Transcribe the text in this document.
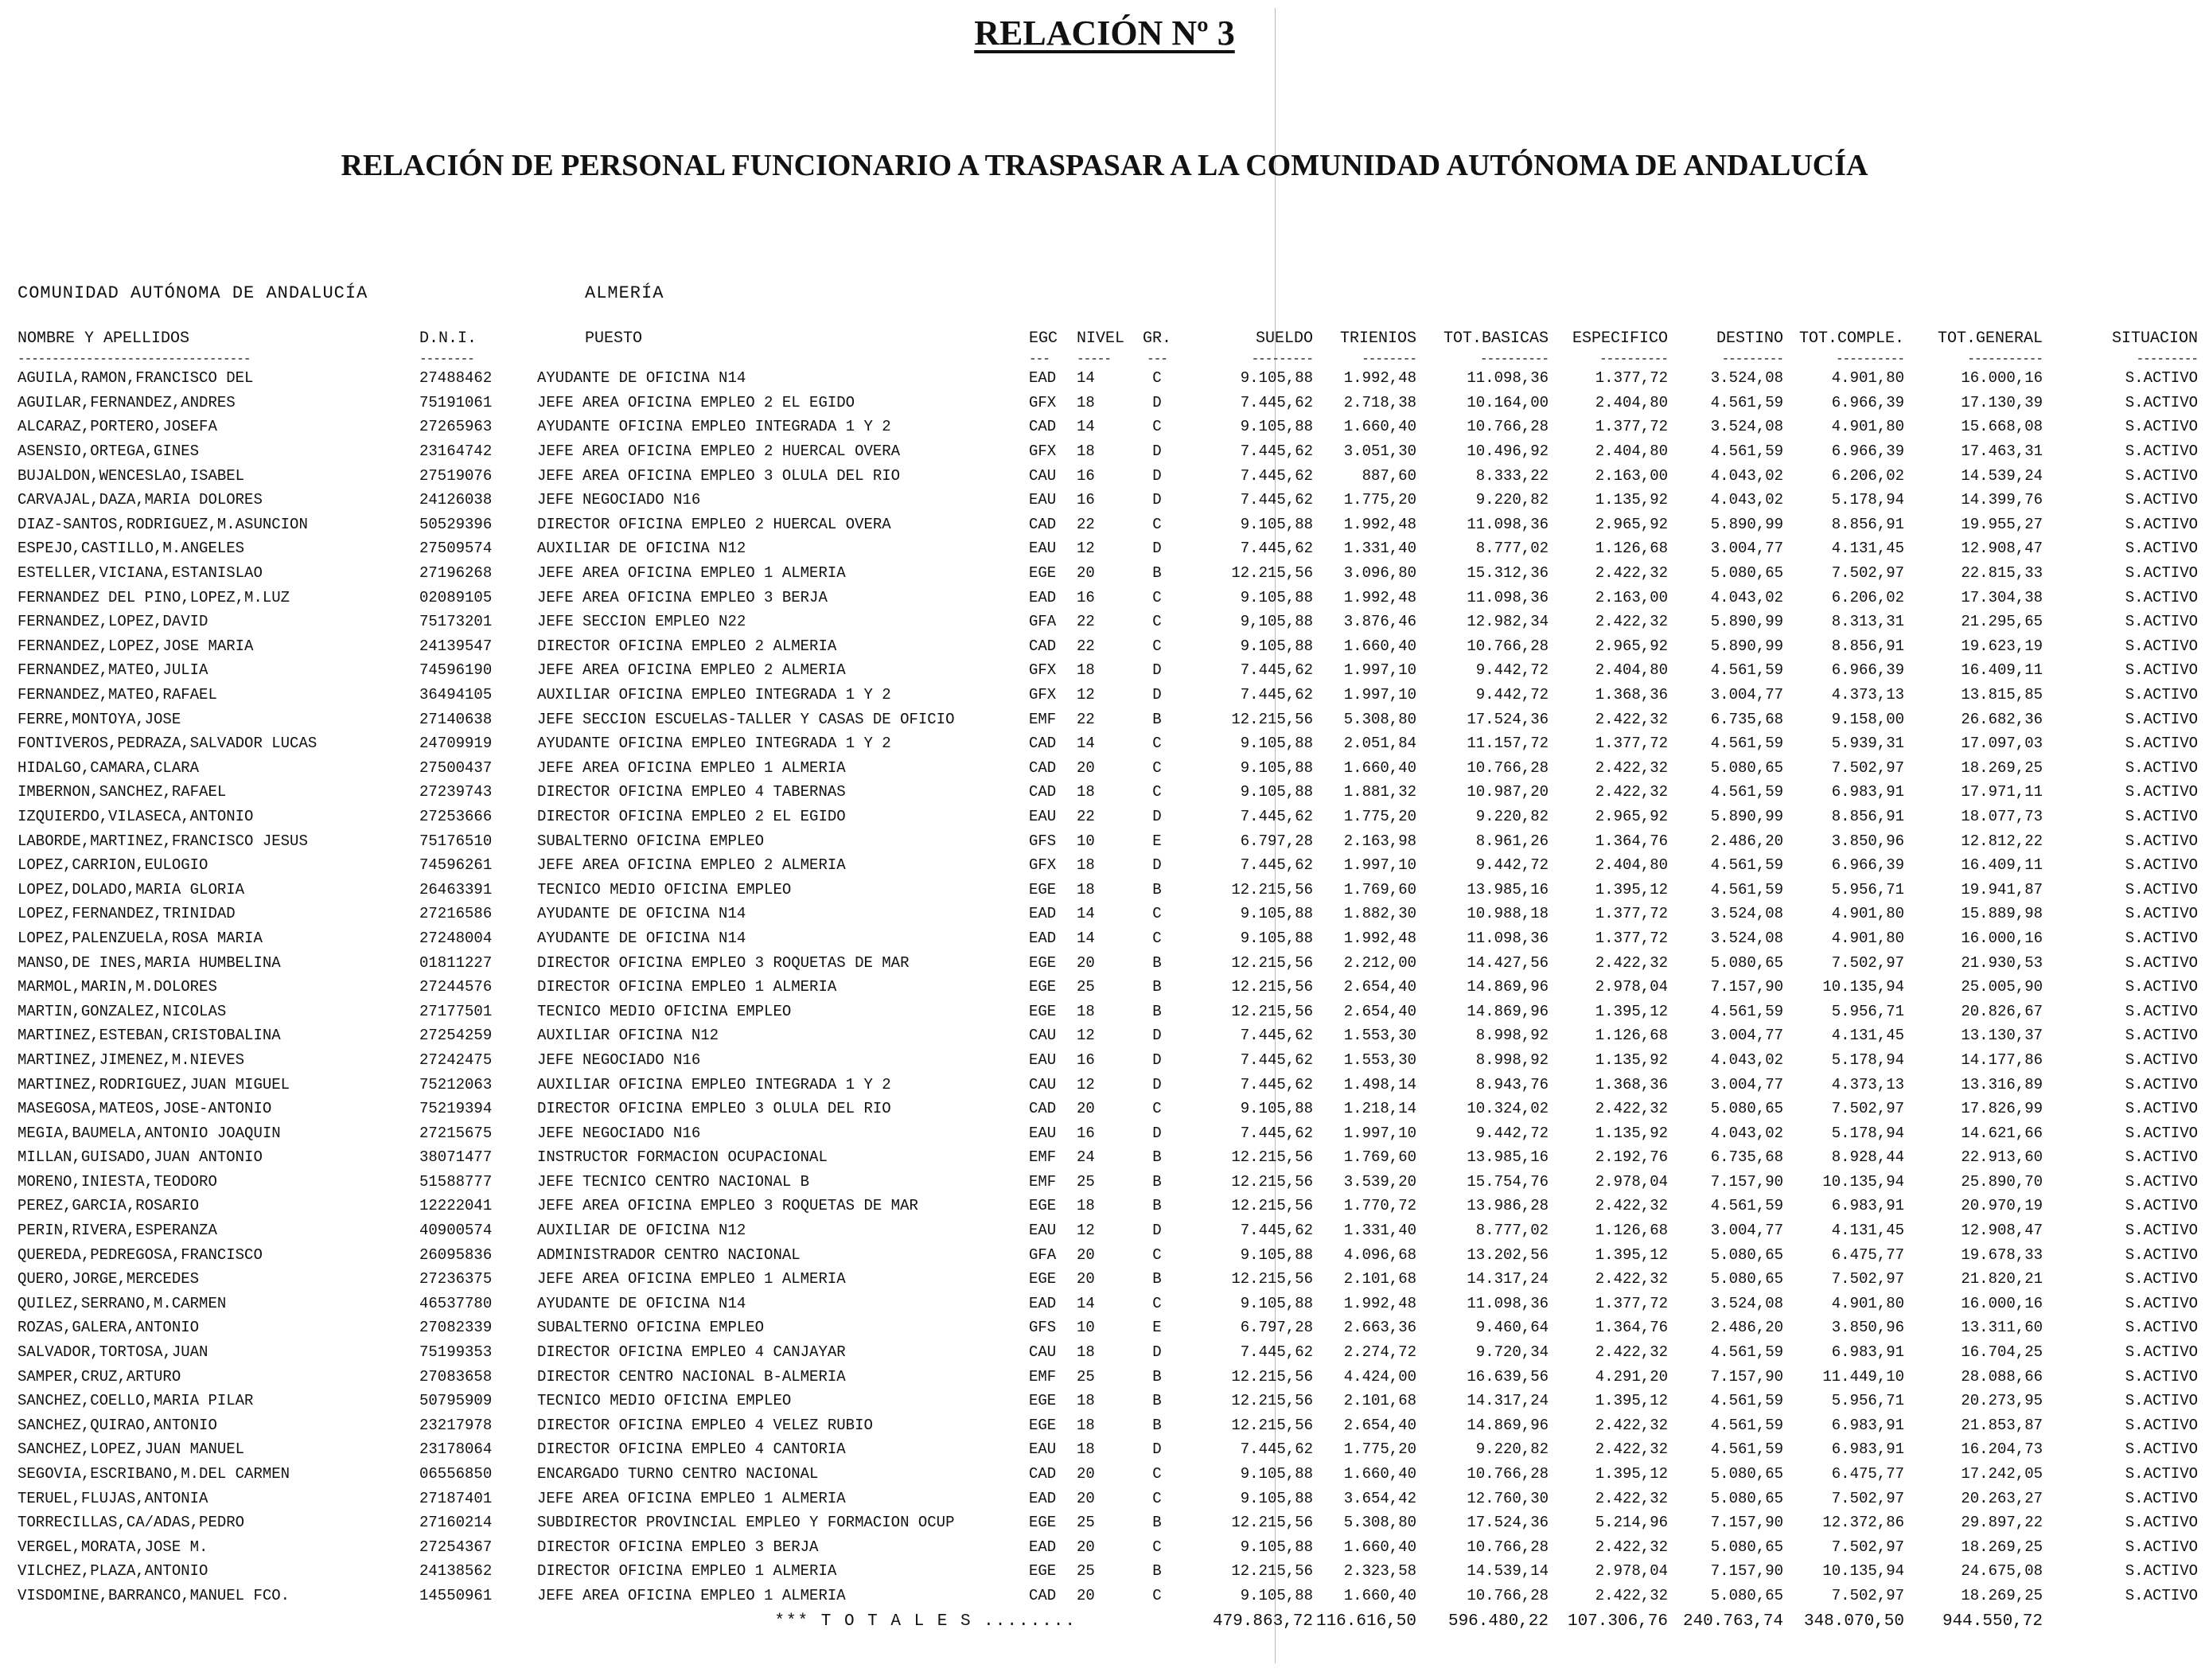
RELACIÓN Nº 3
RELACIÓN DE PERSONAL FUNCIONARIO A TRASPASAR A LA COMUNIDAD AUTÓNOMA DE ANDALUCÍA
COMUNIDAD AUTÓNOMA DE ANDALUCÍA	ALMERÍA
NOMBRE Y APELLIDOS	D.N.I.	PUESTO	EGC	NIVEL	GR.	SUELDO	TRIENIOS	TOT.BASICAS	ESPECIFICO	DESTINO	TOT.COMPLE.	TOT.GENERAL	SITUACION
----------------------------------	--------		---	-----	---	---------	--------	----------	----------	---------	----------	-----------	---------
AGUILA,RAMON,FRANCISCO DEL	27488462	AYUDANTE DE OFICINA N14	EAD	14	C	9.105,88	1.992,48	11.098,36	1.377,72	3.524,08	4.901,80	16.000,16	S.ACTIVO
AGUILAR,FERNANDEZ,ANDRES	75191061	JEFE AREA OFICINA EMPLEO 2 EL EGIDO	GFX	18	D	7.445,62	2.718,38	10.164,00	2.404,80	4.561,59	6.966,39	17.130,39	S.ACTIVO
ALCARAZ,PORTERO,JOSEFA	27265963	AYUDANTE OFICINA EMPLEO INTEGRADA 1 Y 2	CAD	14	C	9.105,88	1.660,40	10.766,28	1.377,72	3.524,08	4.901,80	15.668,08	S.ACTIVO
ASENSIO,ORTEGA,GINES	23164742	JEFE AREA OFICINA EMPLEO 2 HUERCAL OVERA	GFX	18	D	7.445,62	3.051,30	10.496,92	2.404,80	4.561,59	6.966,39	17.463,31	S.ACTIVO
BUJALDON,WENCESLAO,ISABEL	27519076	JEFE AREA OFICINA EMPLEO 3 OLULA DEL RIO	CAU	16	D	7.445,62	887,60	8.333,22	2.163,00	4.043,02	6.206,02	14.539,24	S.ACTIVO
CARVAJAL,DAZA,MARIA DOLORES	24126038	JEFE NEGOCIADO N16	EAU	16	D	7.445,62	1.775,20	9.220,82	1.135,92	4.043,02	5.178,94	14.399,76	S.ACTIVO
DIAZ-SANTOS,RODRIGUEZ,M.ASUNCION	50529396	DIRECTOR OFICINA EMPLEO 2 HUERCAL OVERA	CAD	22	C	9.105,88	1.992,48	11.098,36	2.965,92	5.890,99	8.856,91	19.955,27	S.ACTIVO
ESPEJO,CASTILLO,M.ANGELES	27509574	AUXILIAR DE OFICINA N12	EAU	12	D	7.445,62	1.331,40	8.777,02	1.126,68	3.004,77	4.131,45	12.908,47	S.ACTIVO
ESTELLER,VICIANA,ESTANISLAO	27196268	JEFE AREA OFICINA EMPLEO 1 ALMERIA	EGE	20	B	12.215,56	3.096,80	15.312,36	2.422,32	5.080,65	7.502,97	22.815,33	S.ACTIVO
FERNANDEZ DEL PINO,LOPEZ,M.LUZ	02089105	JEFE AREA OFICINA EMPLEO 3 BERJA	EAD	16	C	9.105,88	1.992,48	11.098,36	2.163,00	4.043,02	6.206,02	17.304,38	S.ACTIVO
FERNANDEZ,LOPEZ,DAVID	75173201	JEFE SECCION EMPLEO N22	GFA	22	C	9,105,88	3.876,46	12.982,34	2.422,32	5.890,99	8.313,31	21.295,65	S.ACTIVO
FERNANDEZ,LOPEZ,JOSE MARIA	24139547	DIRECTOR OFICINA EMPLEO 2 ALMERIA	CAD	22	C	9.105,88	1.660,40	10.766,28	2.965,92	5.890,99	8.856,91	19.623,19	S.ACTIVO
FERNANDEZ,MATEO,JULIA	74596190	JEFE AREA OFICINA EMPLEO 2 ALMERIA	GFX	18	D	7.445,62	1.997,10	9.442,72	2.404,80	4.561,59	6.966,39	16.409,11	S.ACTIVO
FERNANDEZ,MATEO,RAFAEL	36494105	AUXILIAR OFICINA EMPLEO INTEGRADA 1 Y 2	GFX	12	D	7.445,62	1.997,10	9.442,72	1.368,36	3.004,77	4.373,13	13.815,85	S.ACTIVO
FERRE,MONTOYA,JOSE	27140638	JEFE SECCION ESCUELAS-TALLER Y CASAS DE OFICIO	EMF	22	B	12.215,56	5.308,80	17.524,36	2.422,32	6.735,68	9.158,00	26.682,36	S.ACTIVO
FONTIVEROS,PEDRAZA,SALVADOR LUCAS	24709919	AYUDANTE OFICINA EMPLEO INTEGRADA 1 Y 2	CAD	14	C	9.105,88	2.051,84	11.157,72	1.377,72	4.561,59	5.939,31	17.097,03	S.ACTIVO
HIDALGO,CAMARA,CLARA	27500437	JEFE AREA OFICINA EMPLEO 1 ALMERIA	CAD	20	C	9.105,88	1.660,40	10.766,28	2.422,32	5.080,65	7.502,97	18.269,25	S.ACTIVO
IMBERNON,SANCHEZ,RAFAEL	27239743	DIRECTOR OFICINA EMPLEO 4 TABERNAS	CAD	18	C	9.105,88	1.881,32	10.987,20	2.422,32	4.561,59	6.983,91	17.971,11	S.ACTIVO
IZQUIERDO,VILASECA,ANTONIO	27253666	DIRECTOR OFICINA EMPLEO 2 EL EGIDO	EAU	22	D	7.445,62	1.775,20	9.220,82	2.965,92	5.890,99	8.856,91	18.077,73	S.ACTIVO
LABORDE,MARTINEZ,FRANCISCO JESUS	75176510	SUBALTERNO OFICINA EMPLEO	GFS	10	E	6.797,28	2.163,98	8.961,26	1.364,76	2.486,20	3.850,96	12.812,22	S.ACTIVO
LOPEZ,CARRION,EULOGIO	74596261	JEFE AREA OFICINA EMPLEO 2 ALMERIA	GFX	18	D	7.445,62	1.997,10	9.442,72	2.404,80	4.561,59	6.966,39	16.409,11	S.ACTIVO
LOPEZ,DOLADO,MARIA GLORIA	26463391	TECNICO MEDIO OFICINA EMPLEO	EGE	18	B	12.215,56	1.769,60	13.985,16	1.395,12	4.561,59	5.956,71	19.941,87	S.ACTIVO
LOPEZ,FERNANDEZ,TRINIDAD	27216586	AYUDANTE DE OFICINA N14	EAD	14	C	9.105,88	1.882,30	10.988,18	1.377,72	3.524,08	4.901,80	15.889,98	S.ACTIVO
LOPEZ,PALENZUELA,ROSA MARIA	27248004	AYUDANTE DE OFICINA N14	EAD	14	C	9.105,88	1.992,48	11.098,36	1.377,72	3.524,08	4.901,80	16.000,16	S.ACTIVO
MANSO,DE INES,MARIA HUMBELINA	01811227	DIRECTOR OFICINA EMPLEO 3 ROQUETAS DE MAR	EGE	20	B	12.215,56	2.212,00	14.427,56	2.422,32	5.080,65	7.502,97	21.930,53	S.ACTIVO
MARMOL,MARIN,M.DOLORES	27244576	DIRECTOR OFICINA EMPLEO 1 ALMERIA	EGE	25	B	12.215,56	2.654,40	14.869,96	2.978,04	7.157,90	10.135,94	25.005,90	S.ACTIVO
MARTIN,GONZALEZ,NICOLAS	27177501	TECNICO MEDIO OFICINA EMPLEO	EGE	18	B	12.215,56	2.654,40	14.869,96	1.395,12	4.561,59	5.956,71	20.826,67	S.ACTIVO
MARTINEZ,ESTEBAN,CRISTOBALINA	27254259	AUXILIAR OFICINA N12	CAU	12	D	7.445,62	1.553,30	8.998,92	1.126,68	3.004,77	4.131,45	13.130,37	S.ACTIVO
MARTINEZ,JIMENEZ,M.NIEVES	27242475	JEFE NEGOCIADO N16	EAU	16	D	7.445,62	1.553,30	8.998,92	1.135,92	4.043,02	5.178,94	14.177,86	S.ACTIVO
MARTINEZ,RODRIGUEZ,JUAN MIGUEL	75212063	AUXILIAR OFICINA EMPLEO INTEGRADA 1 Y 2	CAU	12	D	7.445,62	1.498,14	8.943,76	1.368,36	3.004,77	4.373,13	13.316,89	S.ACTIVO
MASEGOSA,MATEOS,JOSE-ANTONIO	75219394	DIRECTOR OFICINA EMPLEO 3 OLULA DEL RIO	CAD	20	C	9.105,88	1.218,14	10.324,02	2.422,32	5.080,65	7.502,97	17.826,99	S.ACTIVO
MEGIA,BAUMELA,ANTONIO JOAQUIN	27215675	JEFE NEGOCIADO N16	EAU	16	D	7.445,62	1.997,10	9.442,72	1.135,92	4.043,02	5.178,94	14.621,66	S.ACTIVO
MILLAN,GUISADO,JUAN ANTONIO	38071477	INSTRUCTOR FORMACION OCUPACIONAL	EMF	24	B	12.215,56	1.769,60	13.985,16	2.192,76	6.735,68	8.928,44	22.913,60	S.ACTIVO
MORENO,INIESTA,TEODORO	51588777	JEFE TECNICO CENTRO NACIONAL B	EMF	25	B	12.215,56	3.539,20	15.754,76	2.978,04	7.157,90	10.135,94	25.890,70	S.ACTIVO
PEREZ,GARCIA,ROSARIO	12222041	JEFE AREA OFICINA EMPLEO 3 ROQUETAS DE MAR	EGE	18	B	12.215,56	1.770,72	13.986,28	2.422,32	4.561,59	6.983,91	20.970,19	S.ACTIVO
PERIN,RIVERA,ESPERANZA	40900574	AUXILIAR DE OFICINA N12	EAU	12	D	7.445,62	1.331,40	8.777,02	1.126,68	3.004,77	4.131,45	12.908,47	S.ACTIVO
QUEREDA,PEDREGOSA,FRANCISCO	26095836	ADMINISTRADOR CENTRO NACIONAL	GFA	20	C	9.105,88	4.096,68	13.202,56	1.395,12	5.080,65	6.475,77	19.678,33	S.ACTIVO
QUERO,JORGE,MERCEDES	27236375	JEFE AREA OFICINA EMPLEO 1 ALMERIA	EGE	20	B	12.215,56	2.101,68	14.317,24	2.422,32	5.080,65	7.502,97	21.820,21	S.ACTIVO
QUILEZ,SERRANO,M.CARMEN	46537780	AYUDANTE DE OFICINA N14	EAD	14	C	9.105,88	1.992,48	11.098,36	1.377,72	3.524,08	4.901,80	16.000,16	S.ACTIVO
ROZAS,GALERA,ANTONIO	27082339	SUBALTERNO OFICINA EMPLEO	GFS	10	E	6.797,28	2.663,36	9.460,64	1.364,76	2.486,20	3.850,96	13.311,60	S.ACTIVO
SALVADOR,TORTOSA,JUAN	75199353	DIRECTOR OFICINA EMPLEO 4 CANJAYAR	CAU	18	D	7.445,62	2.274,72	9.720,34	2.422,32	4.561,59	6.983,91	16.704,25	S.ACTIVO
SAMPER,CRUZ,ARTURO	27083658	DIRECTOR CENTRO NACIONAL B-ALMERIA	EMF	25	B	12.215,56	4.424,00	16.639,56	4.291,20	7.157,90	11.449,10	28.088,66	S.ACTIVO
SANCHEZ,COELLO,MARIA PILAR	50795909	TECNICO MEDIO OFICINA EMPLEO	EGE	18	B	12.215,56	2.101,68	14.317,24	1.395,12	4.561,59	5.956,71	20.273,95	S.ACTIVO
SANCHEZ,QUIRAO,ANTONIO	23217978	DIRECTOR OFICINA EMPLEO 4 VELEZ RUBIO	EGE	18	B	12.215,56	2.654,40	14.869,96	2.422,32	4.561,59	6.983,91	21.853,87	S.ACTIVO
SANCHEZ,LOPEZ,JUAN MANUEL	23178064	DIRECTOR OFICINA EMPLEO 4 CANTORIA	EAU	18	D	7.445,62	1.775,20	9.220,82	2.422,32	4.561,59	6.983,91	16.204,73	S.ACTIVO
SEGOVIA,ESCRIBANO,M.DEL CARMEN	06556850	ENCARGADO TURNO CENTRO NACIONAL	CAD	20	C	9.105,88	1.660,40	10.766,28	1.395,12	5.080,65	6.475,77	17.242,05	S.ACTIVO
TERUEL,FLUJAS,ANTONIA	27187401	JEFE AREA OFICINA EMPLEO 1 ALMERIA	EAD	20	C	9.105,88	3.654,42	12.760,30	2.422,32	5.080,65	7.502,97	20.263,27	S.ACTIVO
TORRECILLAS,CA/ADAS,PEDRO	27160214	SUBDIRECTOR PROVINCIAL EMPLEO Y FORMACION OCUP	EGE	25	B	12.215,56	5.308,80	17.524,36	5.214,96	7.157,90	12.372,86	29.897,22	S.ACTIVO
VERGEL,MORATA,JOSE M.	27254367	DIRECTOR OFICINA EMPLEO 3 BERJA	EAD	20	C	9.105,88	1.660,40	10.766,28	2.422,32	5.080,65	7.502,97	18.269,25	S.ACTIVO
VILCHEZ,PLAZA,ANTONIO	24138562	DIRECTOR OFICINA EMPLEO 1 ALMERIA	EGE	25	B	12.215,56	2.323,58	14.539,14	2.978,04	7.157,90	10.135,94	24.675,08	S.ACTIVO
VISDOMINE,BARRANCO,MANUEL FCO.	14550961	JEFE AREA OFICINA EMPLEO 1 ALMERIA	CAD	20	C	9.105,88	1.660,40	10.766,28	2.422,32	5.080,65	7.502,97	18.269,25	S.ACTIVO
	*** T O T A L E S ........					479.863,72	116.616,50	596.480,22	107.306,76	240.763,74	348.070,50	944.550,72	
